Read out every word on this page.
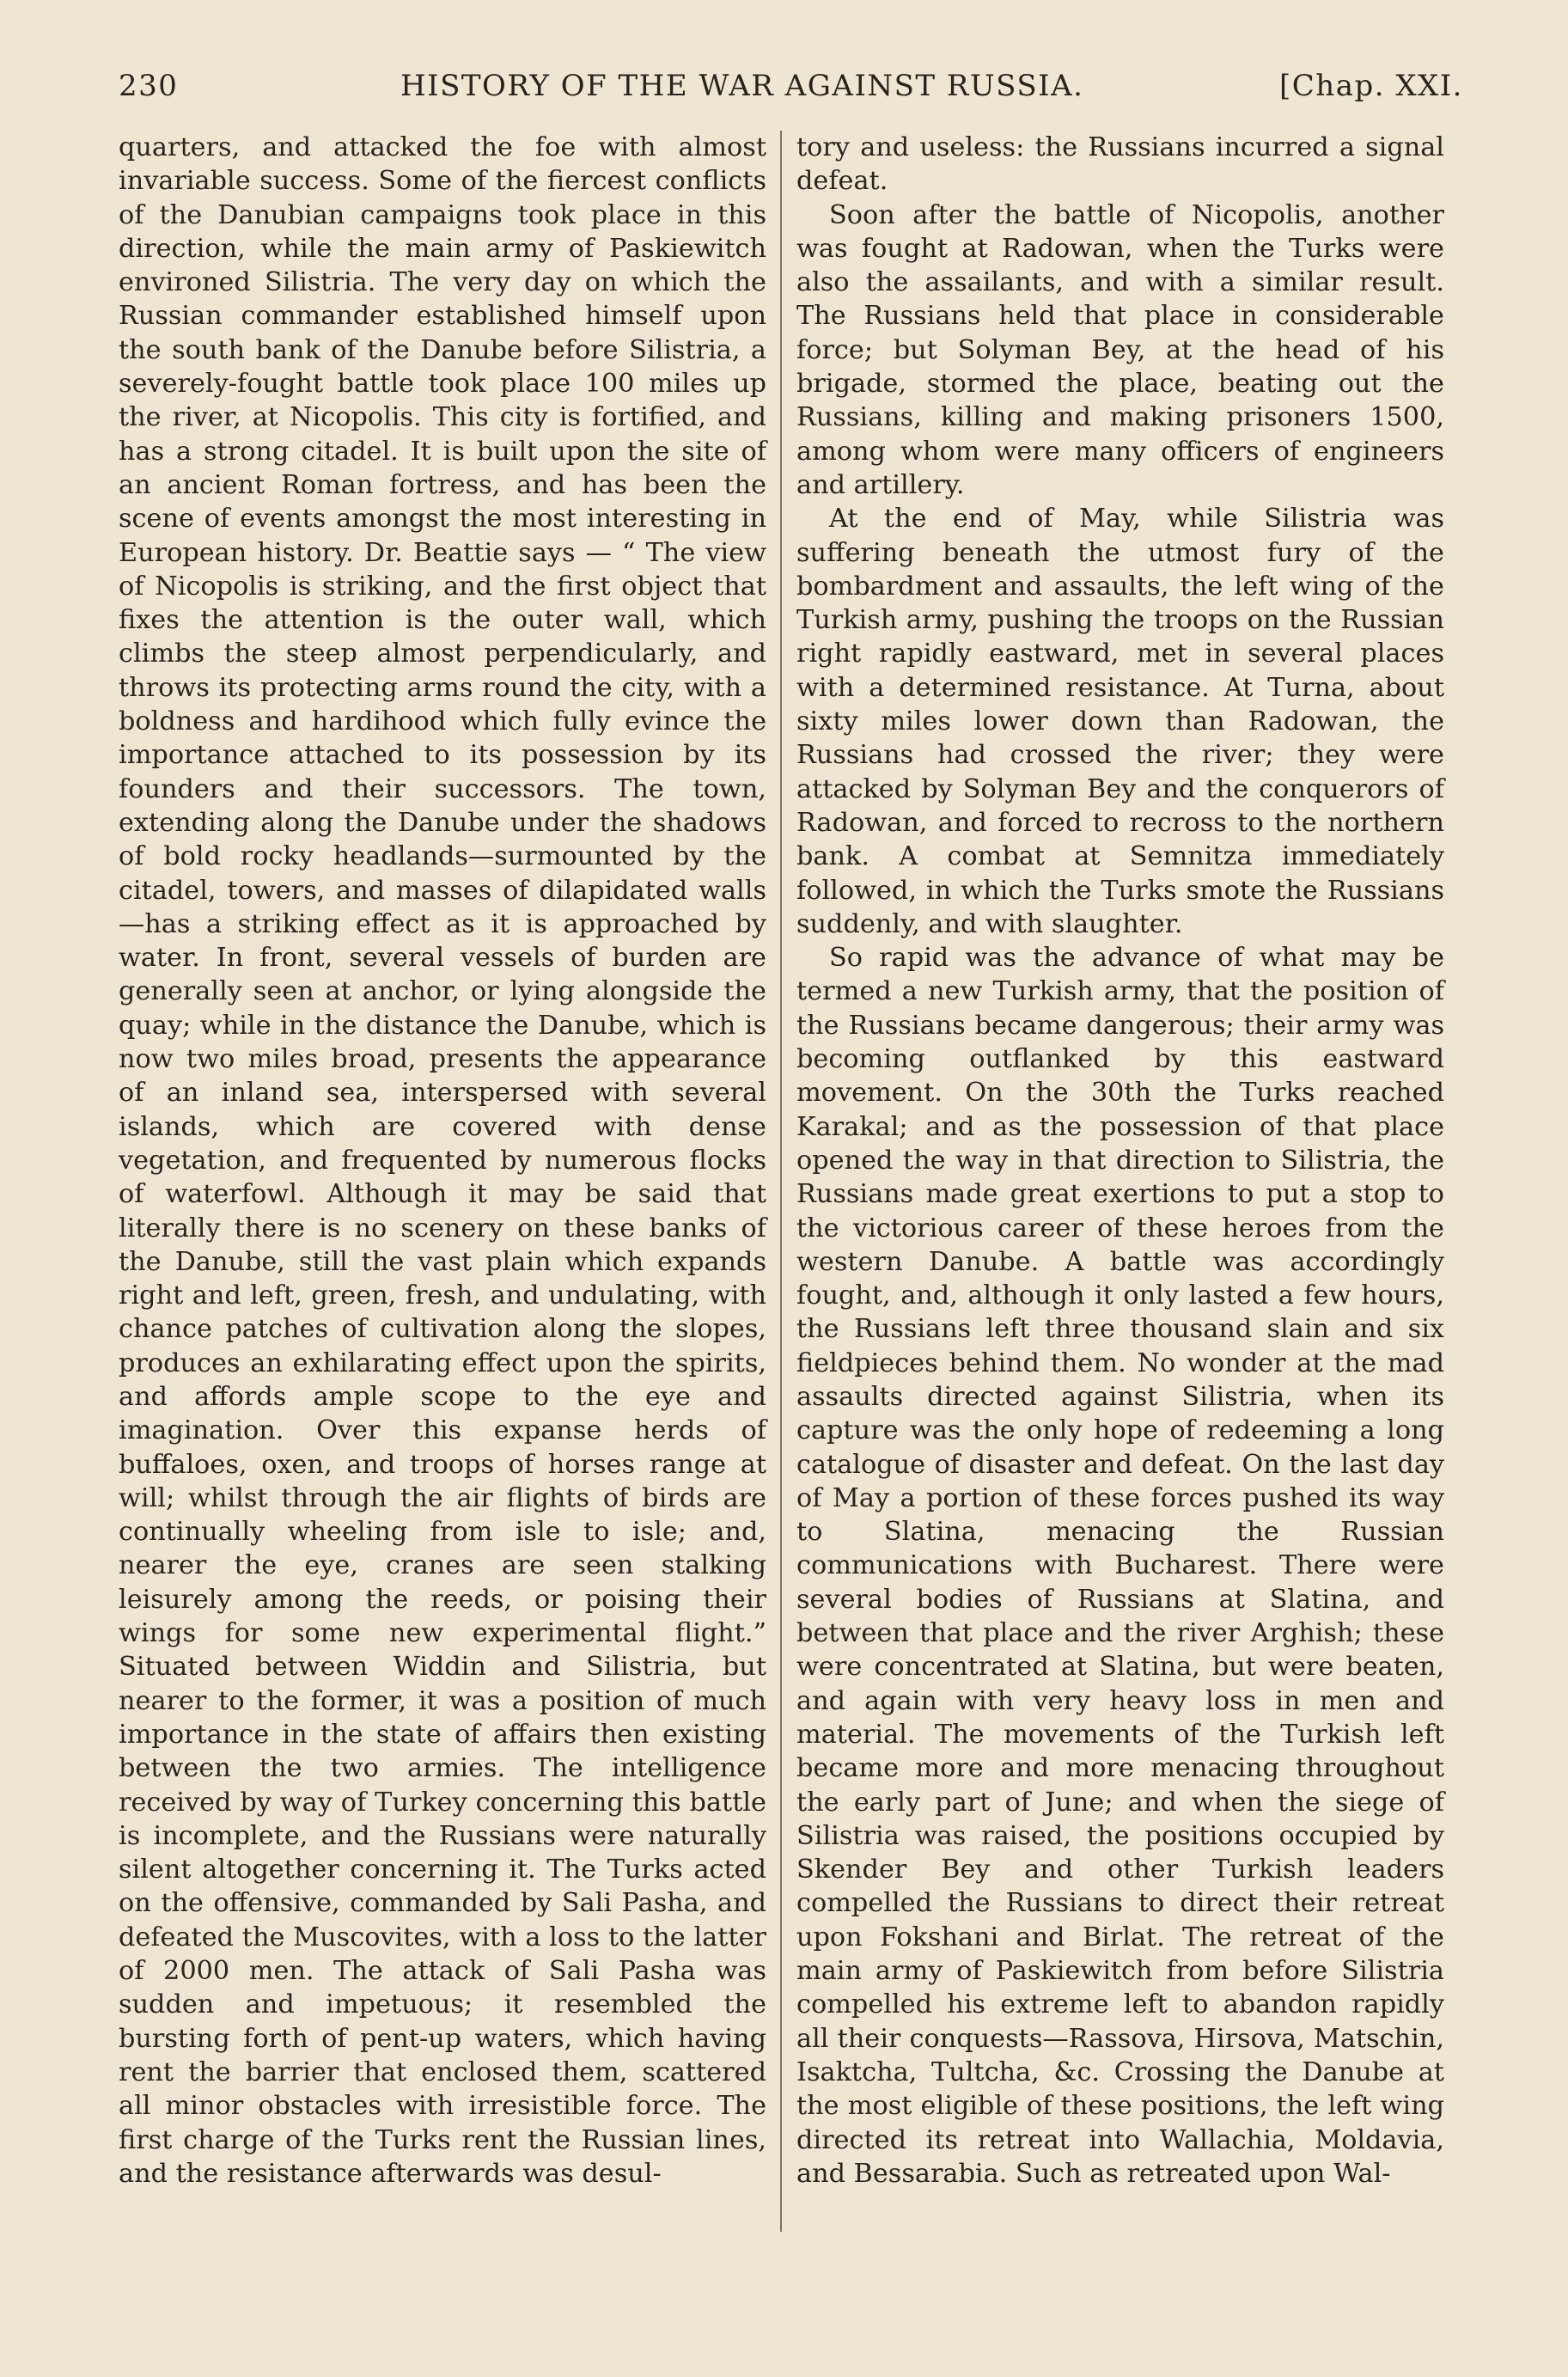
230	HISTORY OF THE WAR AGAINST RUSSIA.	[Chap. XXI.

quarters, and attacked the foe with almost invariable success. Some of the fiercest conflicts of the Danubian campaigns took place in this direction, while the main army of Paskiewitch environed Silistria. The very day on which the Russian commander established himself upon the south bank of the Danube before Silistria, a severely-fought battle took place 100 miles up the river, at Nicopolis. This city is fortified, and has a strong citadel. It is built upon the site of an ancient Roman fortress, and has been the scene of events amongst the most interesting in European history. Dr. Beattie says — “ The view of Nicopolis is striking, and the first object that fixes the attention is the outer wall, which climbs the steep almost perpendicularly, and throws its protecting arms round the city, with a boldness and hardihood which fully evince the importance attached to its possession by its founders and their successors. The town, extending along the Danube under the shadows of bold rocky headlands—surmounted by the citadel, towers, and masses of dilapidated walls —has a striking effect as it is approached by water. In front, several vessels of burden are generally seen at anchor, or lying alongside the quay; while in the distance the Danube, which is now two miles broad, presents the appearance of an inland sea, interspersed with several islands, which are covered with dense vegetation, and frequented by numerous flocks of waterfowl. Although it may be said that literally there is no scenery on these banks of the Danube, still the vast plain which expands right and left, green, fresh, and undulating, with chance patches of cultivation along the slopes, produces an exhilarating effect upon the spirits, and affords ample scope to the eye and imagination. Over this expanse herds of buffaloes, oxen, and troops of horses range at will; whilst through the air flights of birds are continually wheeling from isle to isle; and, nearer the eye, cranes are seen stalking leisurely among the reeds, or poising their wings for some new experimental flight.” Situated between Widdin and Silistria, but nearer to the former, it was a position of much importance in the state of affairs then existing between the two armies. The intelligence received by way of Turkey concerning this battle is incomplete, and the Russians were naturally silent altogether concerning it. The Turks acted on the offensive, commanded by Sali Pasha, and defeated the Muscovites, with a loss to the latter of 2000 men. The attack of Sali Pasha was sudden and impetuous; it resembled the bursting forth of pent-up waters, which having rent the barrier that enclosed them, scattered all minor obstacles with irresistible force. The first charge of the Turks rent the Russian lines, and the resistance afterwards was desul-

tory and useless: the Russians incurred a signal defeat.

Soon after the battle of Nicopolis, another was fought at Radowan, when the Turks were also the assailants, and with a similar result. The Russians held that place in considerable force; but Solyman Bey, at the head of his brigade, stormed the place, beating out the Russians, killing and making prisoners 1500, among whom were many officers of engineers and artillery.

At the end of May, while Silistria was suffering beneath the utmost fury of the bombardment and assaults, the left wing of the Turkish army, pushing the troops on the Russian right rapidly eastward, met in several places with a determined resistance. At Turna, about sixty miles lower down than Radowan, the Russians had crossed the river; they were attacked by Solyman Bey and the conquerors of Radowan, and forced to recross to the northern bank. A combat at Semnitza immediately followed, in which the Turks smote the Russians suddenly, and with slaughter.

So rapid was the advance of what may be termed a new Turkish army, that the position of the Russians became dangerous; their army was becoming outflanked by this eastward movement. On the 30th the Turks reached Karakal; and as the possession of that place opened the way in that direction to Silistria, the Russians made great exertions to put a stop to the victorious career of these heroes from the western Danube. A battle was accordingly fought, and, although it only lasted a few hours, the Russians left three thousand slain and six fieldpieces behind them. No wonder at the mad assaults directed against Silistria, when its capture was the only hope of redeeming a long catalogue of disaster and defeat. On the last day of May a portion of these forces pushed its way to Slatina, menacing the Russian communications with Bucharest. There were several bodies of Russians at Slatina, and between that place and the river Arghish; these were concentrated at Slatina, but were beaten, and again with very heavy loss in men and material. The movements of the Turkish left became more and more menacing throughout the early part of June; and when the siege of Silistria was raised, the positions occupied by Skender Bey and other Turkish leaders compelled the Russians to direct their retreat upon Fokshani and Birlat. The retreat of the main army of Paskiewitch from before Silistria compelled his extreme left to abandon rapidly all their conquests—Rassova, Hirsova, Matschin, Isaktcha, Tultcha, &c. Crossing the Danube at the most eligible of these positions, the left wing directed its retreat into Wallachia, Moldavia, and Bessarabia. Such as retreated upon Wal-
